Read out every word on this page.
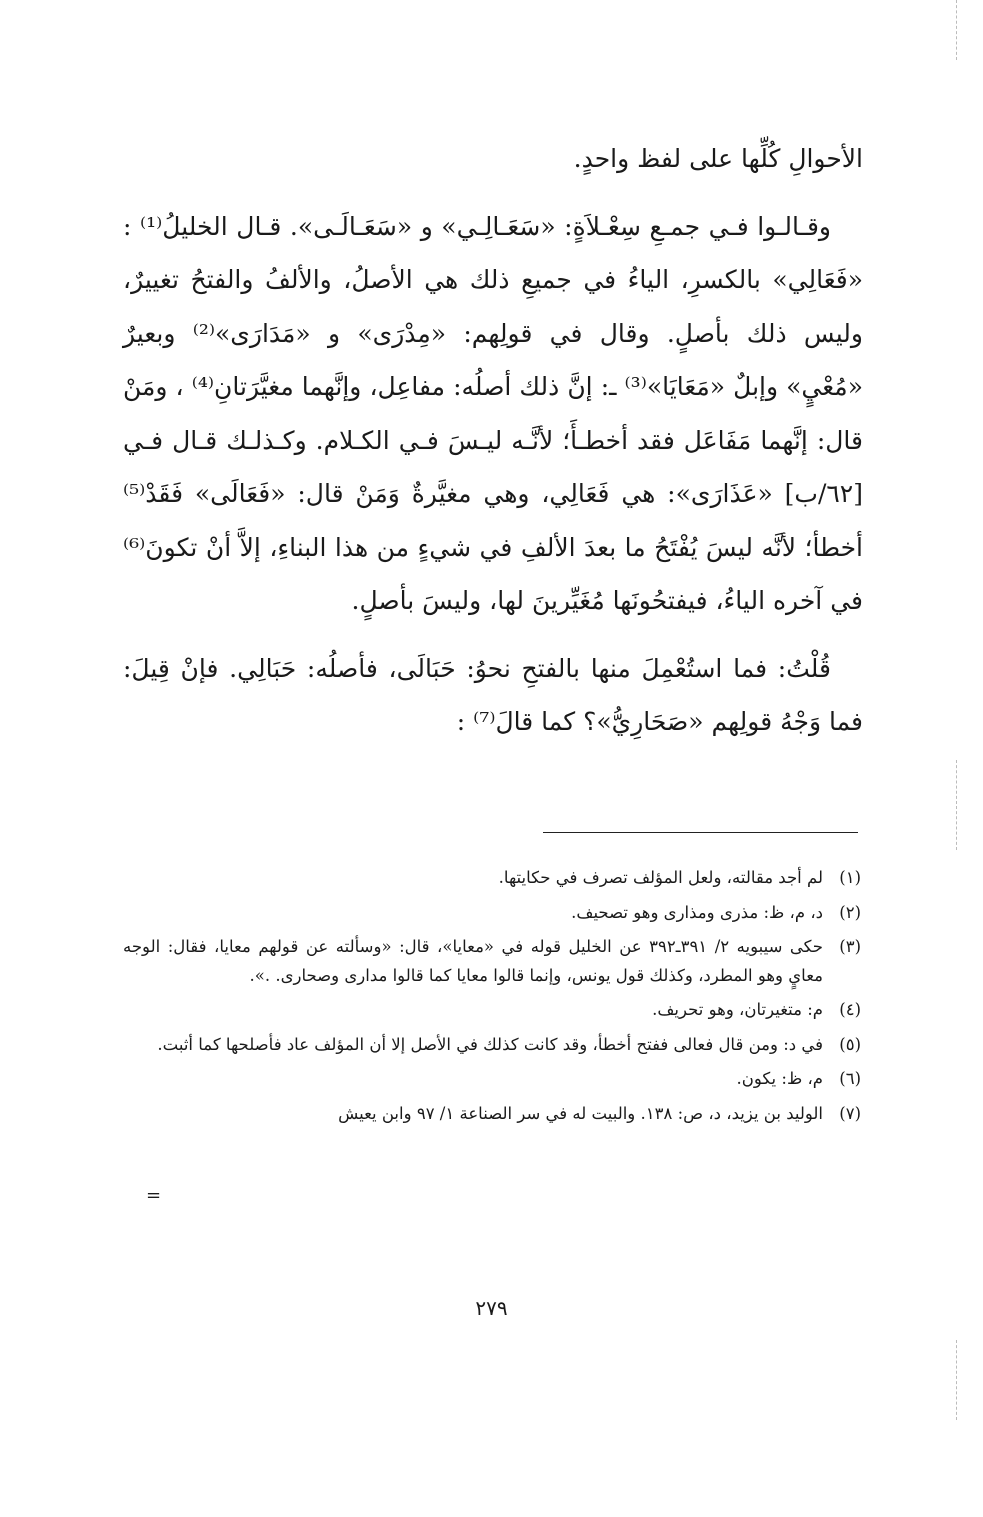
الأحوالِ كُلِّها على لفظ واحدٍ.

وقـالـوا فـي جمـعِ سِعْـلاَةٍ: «سَعَـالِـي» و «سَعَـالَـى». قـال الخليلُ⁽¹⁾ : «فَعَالِي» بالكسرِ، الياءُ في جميعِ ذلك هي الأصلُ، والألفُ والفتحُ تغييرٌ، وليس ذلك بأصلٍ. وقال في قولِهم: «مِدْرَى» و «مَدَارَى»⁽²⁾ وبعيرٌ «مُعْيٍ» وإبلٌ «مَعَايَا»⁽³⁾ ـ: إنَّ ذلك أصلُه: مفاعِل، وإنَّهما مغيَّرَتانِ⁽⁴⁾ ، ومَنْ قال: إنَّهما مَفَاعَل فقد أخطـأَ؛ لأنَّـه ليـسَ فـي الكـلام. وكـذلـك قـال فـي [٦٢/ب] «عَذَارَى»: هي فَعَالِي، وهي مغيَّرةٌ وَمَنْ قال: «فَعَالَى» فَقَدْ⁽⁵⁾ أخطأ؛ لأنَّه ليسَ يُفْتَحُ ما بعدَ الألفِ في شيءٍ من هذا البناءِ، إلاَّ أنْ تكونَ⁽⁶⁾ في آخره الياءُ، فيفتحُونَها مُغَيِّرينَ لها، وليسَ بأصلٍ.

قُلْتُ: فما استُعْمِلَ منها بالفتحِ نحوُ: حَبَالَى، فأصلُه: حَبَالِي. فإنْ قِيلَ: فما وَجْهُ قولِهم «صَحَارِيُّ»؟ كما قالَ⁽⁷⁾ :

(١)
لم أجد مقالته، ولعل المؤلف تصرف في حكايتها.
(٢)
د، م، ظ: مذرى ومذارى وهو تصحيف.
(٣)
حكى سيبويه ٢/ ٣٩١ـ٣٩٢ عن الخليل قوله في «معايا»، قال: «وسألته عن قولهم معايا، فقال: الوجه معايٍ وهو المطرد، وكذلك قول يونس، وإنما قالوا معايا كما قالوا مدارى وصحارى. .».
(٤)
م: متغيرتان، وهو تحريف.
(٥)
في د: ومن قال فعالى ففتح أخطأ، وقد كانت كذلك في الأصل إلا أن المؤلف عاد فأصلحها كما أثبت.
(٦)
م، ظ: يكون.
(٧)
الوليد بن يزيد، د، ص: ١٣٨. والبيت له في سر الصناعة ١/ ٩٧ وابن يعيش
=
٢٧٩
